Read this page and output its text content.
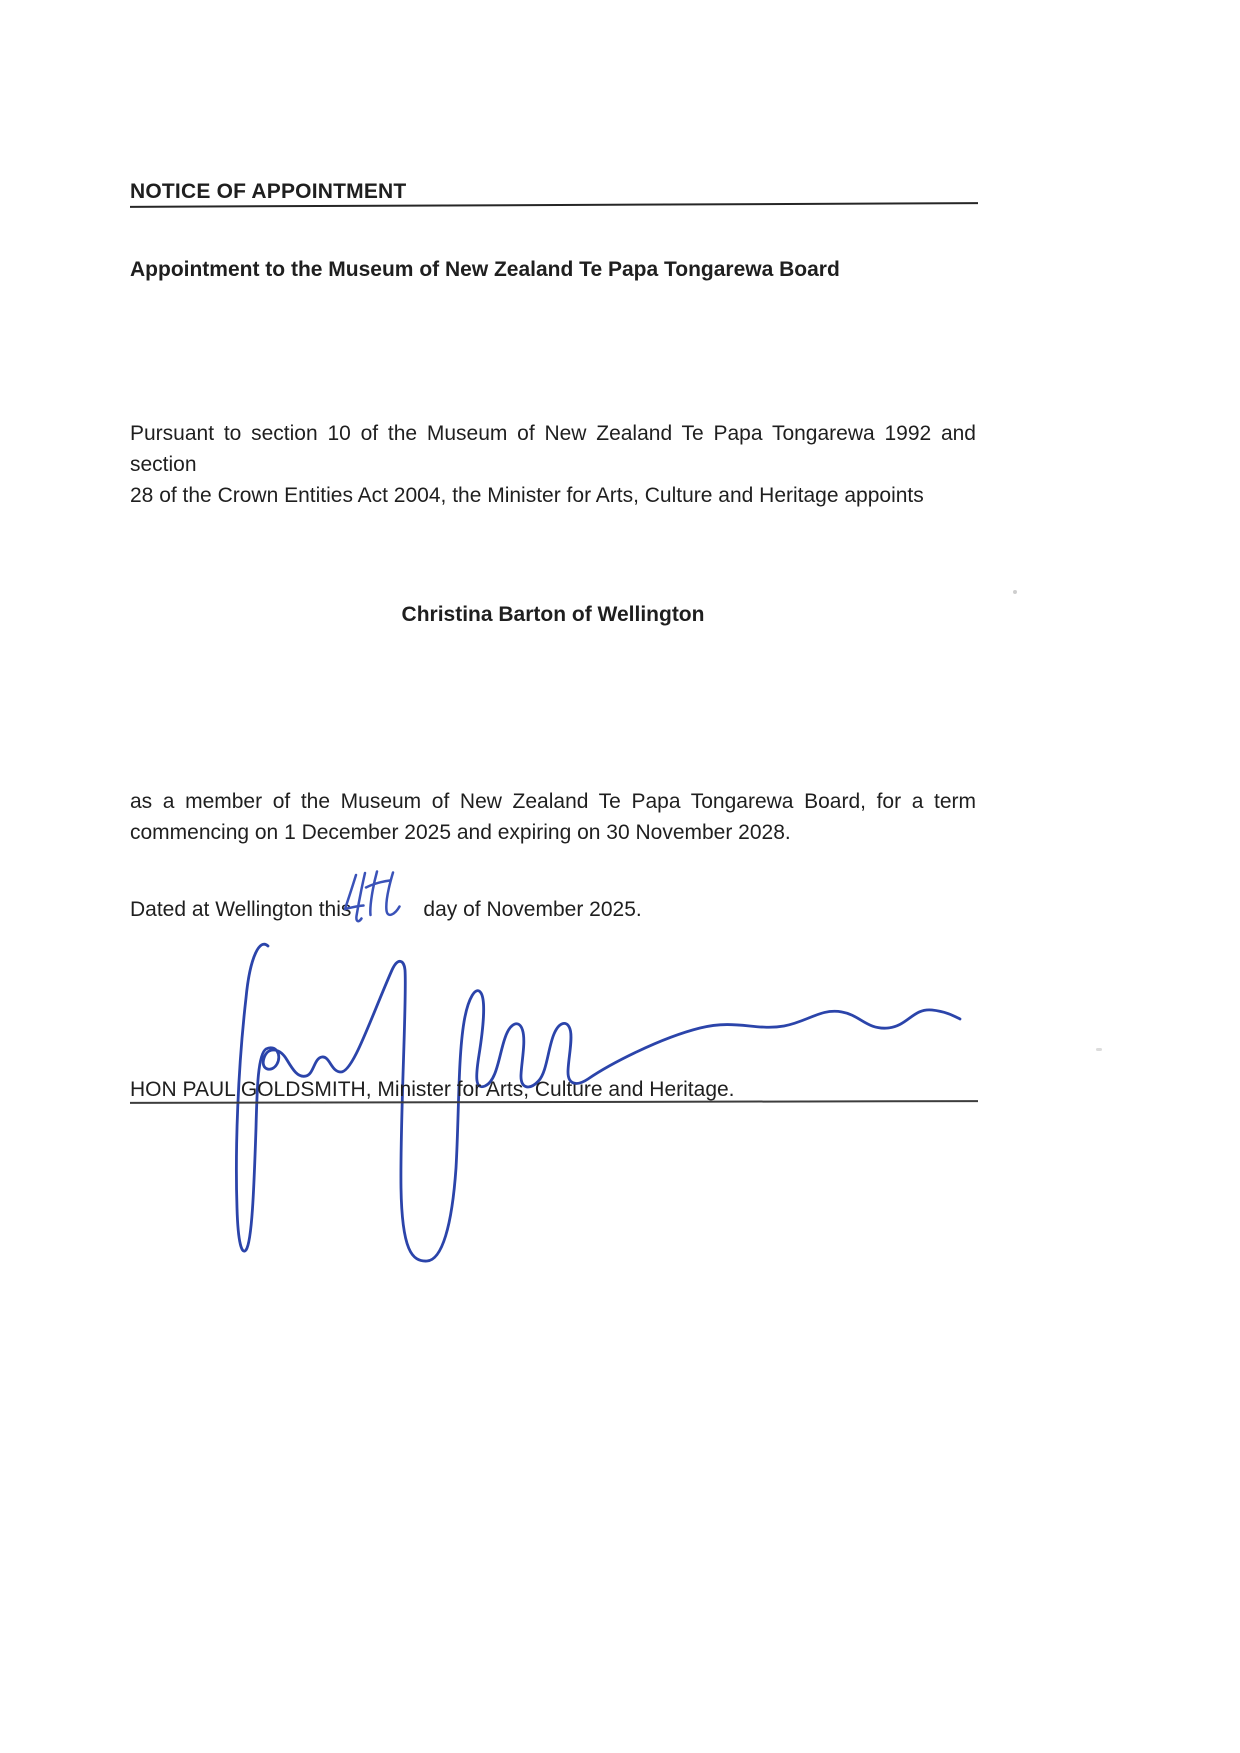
NOTICE OF APPOINTMENT
Appointment to the Museum of New Zealand Te Papa Tongarewa Board
Pursuant to section 10 of the Museum of New Zealand Te Papa Tongarewa 1992 and section
28 of the Crown Entities Act 2004, the Minister for Arts, Culture and Heritage appoints
Christina Barton of Wellington
as a member of the Museum of New Zealand Te Papa Tongarewa Board, for a term
commencing on 1 December 2025 and expiring on 30 November 2028.
Dated at Wellington this	day of November 2025.
HON PAUL GOLDSMITH, Minister for Arts, Culture and Heritage.
